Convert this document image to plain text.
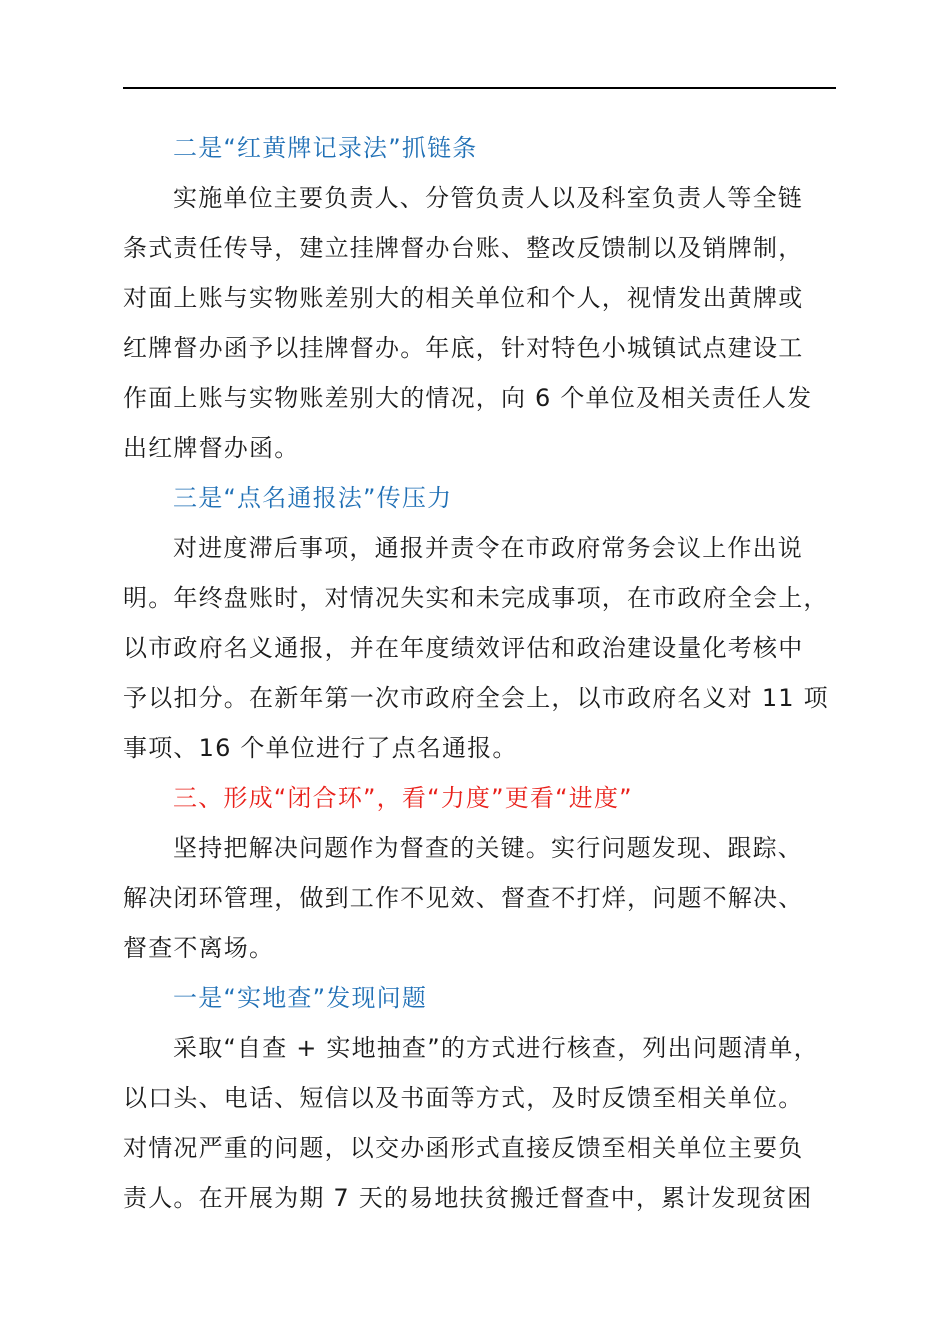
二是“红黄牌记录法”抓链条
实施单位主要负责人、分管负责人以及科室负责人等全链
条式责任传导，建立挂牌督办台账、整改反馈制以及销牌制，
对面上账与实物账差别大的相关单位和个人，视情发出黄牌或
红牌督办函予以挂牌督办。年底，针对特色小城镇试点建设工
作面上账与实物账差别大的情况，向 6 个单位及相关责任人发
出红牌督办函。
三是“点名通报法”传压力
对进度滞后事项，通报并责令在市政府常务会议上作出说
明。年终盘账时，对情况失实和未完成事项，在市政府全会上，
以市政府名义通报，并在年度绩效评估和政治建设量化考核中
予以扣分。在新年第一次市政府全会上，以市政府名义对 11 项
事项、16 个单位进行了点名通报。
三、形成“闭合环”，看“力度”更看“进度”
坚持把解决问题作为督查的关键。实行问题发现、跟踪、
解决闭环管理，做到工作不见效、督查不打烊，问题不解决、
督查不离场。
一是“实地查”发现问题
采取“自查 + 实地抽查”的方式进行核查，列出问题清单，
以口头、电话、短信以及书面等方式，及时反馈至相关单位。
对情况严重的问题，以交办函形式直接反馈至相关单位主要负
责人。在开展为期 7 天的易地扶贫搬迁督查中，累计发现贫困
